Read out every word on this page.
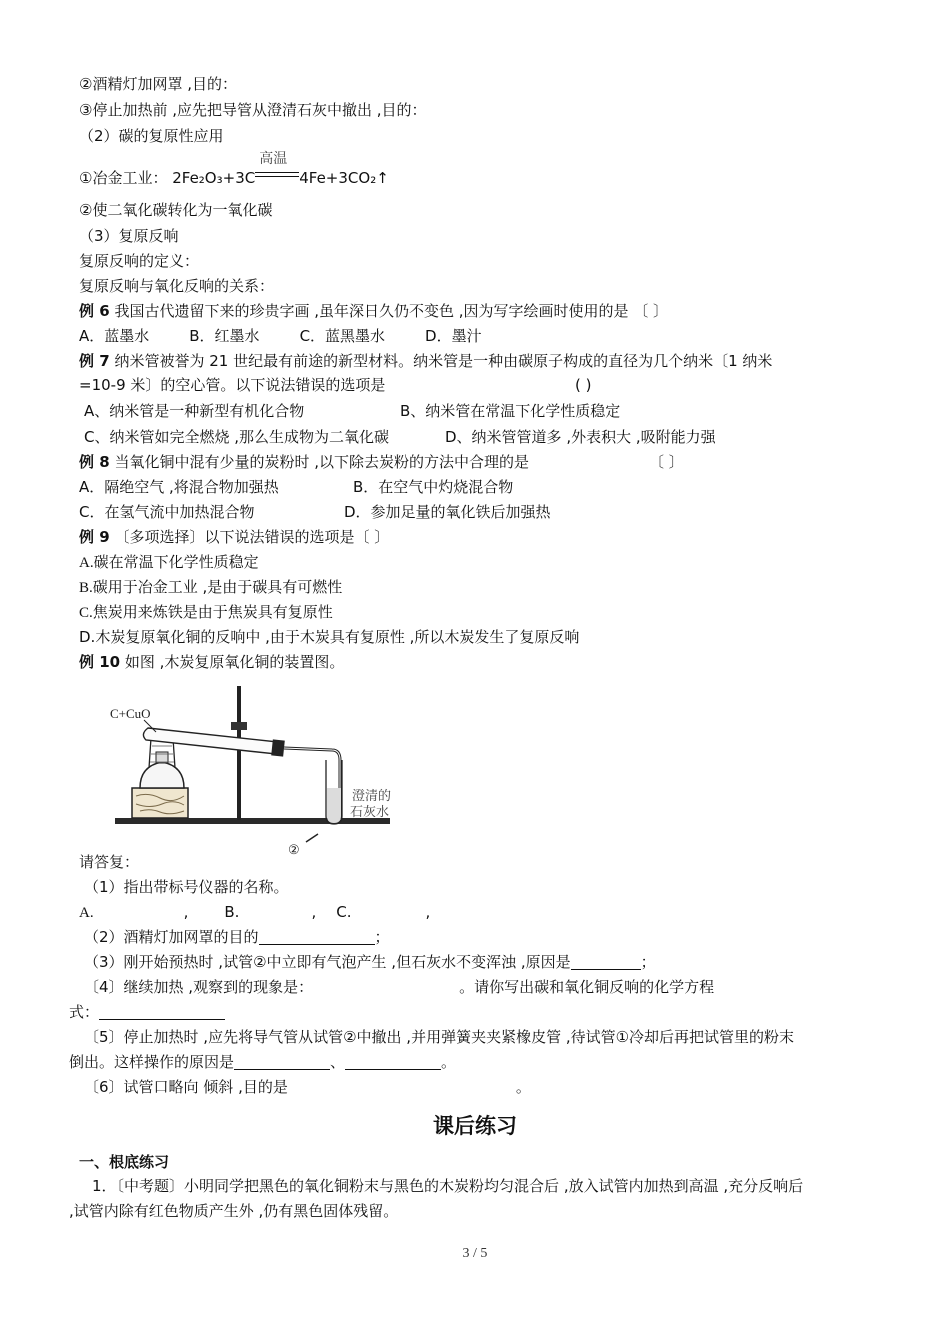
②酒精灯加网罩 ,目的：
③停止加热前 ,应先把导管从澄清石灰中撤出 ,目的：
（2）碳的复原性应用
①冶金工业： 2Fe₂O₃+3C
高温
4Fe+3CO₂↑
②使二氧化碳转化为一氧化碳
（3）复原反响
复原反响的定义：
复原反响与氧化反响的关系：
例 6 我国古代遗留下来的珍贵字画 ,虽年深日久仍不变色 ,因为写字绘画时使用的是 〔 〕
A．蓝墨水	B．红墨水	C．蓝黑墨水	D．墨汁
例 7 纳米管被誉为 21 世纪最有前途的新型材料。纳米管是一种由碳原子构成的直径为几个纳米〔1 纳米
=10-9 米〕的空心管。以下说法错误的选项是	( )
A、纳米管是一种新型有机化合物	B、纳米管在常温下化学性质稳定
C、纳米管如完全燃烧 ,那么生成物为二氧化碳	D、纳米管管道多 ,外表积大 ,吸附能力强
例 8 当氧化铜中混有少量的炭粉时 ,以下除去炭粉的方法中合理的是	〔 〕
A．隔绝空气 ,将混合物加强热	B．在空气中灼烧混合物
C．在氢气流中加热混合物	D．参加足量的氧化铁后加强热
例 9 〔多项选择〕以下说法错误的选项是〔 〕
A.碳在常温下化学性质稳定
B.碳用于冶金工业 ,是由于碳具有可燃性
C.焦炭用来炼铁是由于焦炭具有复原性
D.木炭复原氧化铜的反响中 ,由于木炭具有复原性 ,所以木炭发生了复原反响
例 10 如图 ,木炭复原氧化铜的装置图。
C+CuO
澄清的
石灰水
②
请答复：
（1）指出带标号仪器的名称。
A.	, B.	, C.	,
（2）酒精灯加网罩的目的	；
（3）刚开始预热时 ,试管②中立即有气泡产生 ,但石灰水不变浑浊 ,原因是	；
〔4〕继续加热 ,观察到的现象是：	。请你写出碳和氧化铜反响的化学方程
式：
〔5〕停止加热时 ,应先将导气管从试管②中撤出 ,并用弹簧夹夹紧橡皮管 ,待试管①冷却后再把试管里的粉末
倒出。这样操作的原因是	、	。
〔6〕试管口略向 倾斜 ,目的是	。
课后练习
一、根底练习
1．〔中考题〕小明同学把黑色的氧化铜粉末与黑色的木炭粉均匀混合后 ,放入试管内加热到高温 ,充分反响后
,试管内除有红色物质产生外 ,仍有黑色固体残留。
3 / 5
